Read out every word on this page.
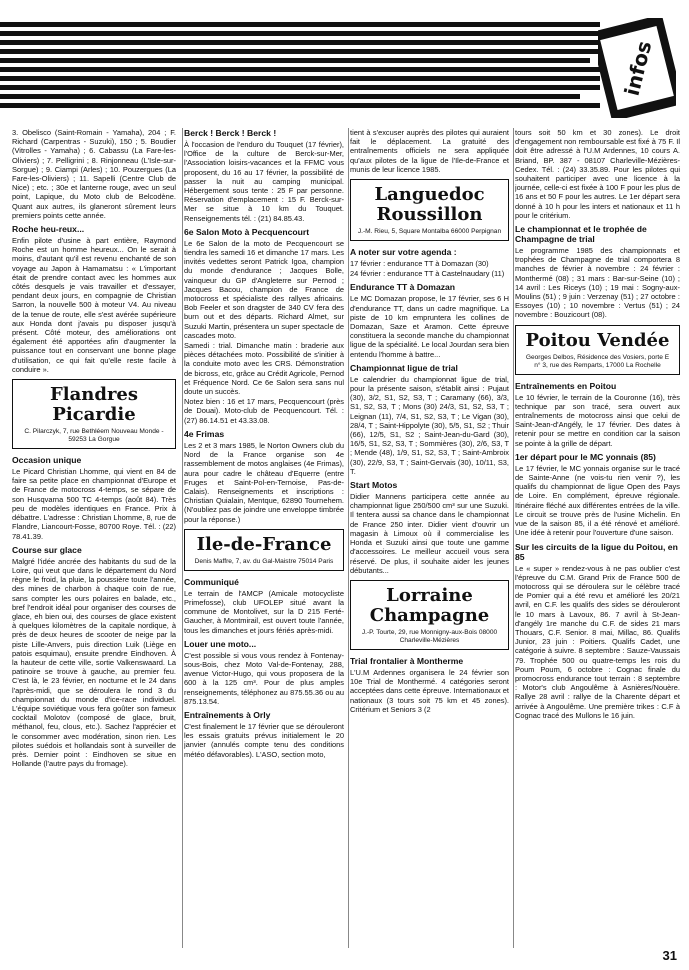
infos

3. Obelisco (Saint-Romain - Yamaha), 204 ; F. Richard (Carpentras - Suzuki), 150 ; 5. Boudier (Vitrolles - Yamaha) ; 6. Cabassu (La Fare-les-Oliviers) ; 7. Pelligrini ; 8. Rinjonneau (L'Isle-sur-Sorgue) ; 9. Ciampi (Arles) ; 10. Pouzergues (La Fare-les-Oliviers) ; 11. Sapelli (Centre Club de Nice) ; etc. ; 30e et lanterne rouge, avec un seul point, Lapique, du Moto club de Belcodène. Quant aux autres, ils glaneront sûrement leurs premiers points cette année.

Roche heu-reux...

Enfin pilote d'usine à part entière, Raymond Roche est un homme heureux... On le serait à moins, d'autant qu'il est revenu enchanté de son voyage au Japon à Hamamatsu : « L'important était de prendre contact avec les hommes aux côtés desquels je vais travailler et d'essayer, pendant deux jours, en compagnie de Christian Sarron, la nouvelle 500 à moteur V4. Au niveau de la tenue de route, elle s'est avérée supérieure aux Honda dont j'avais pu disposer jusqu'à présent. Côté moteur, des améliorations ont également été apportées afin d'augmenter la puissance tout en conservant une bonne plage d'utilisation, ce qui fait qu'elle reste facile à conduire ».

Flandres Picardie
C. Pilarczyk, 7, rue Bethléem Nouveau Monde - 59253 La Gorgue

Occasion unique

Le Picard Christian Lhomme, qui vient en 84 de faire sa petite place en championnat d'Europe et de France de motocross 4-temps, se sépare de son Husqvarna 500 TC 4-temps (août 84). Très peu de modèles identiques en France. Prix à débattre. L'adresse : Christian Lhomme, 8, rue de Flandre, Liancourt-Fosse, 80700 Roye. Tél. : (22) 78.41.39.

Course sur glace

Malgré l'idée ancrée des habitants du sud de la Loire, qui veut que dans le département du Nord règne le froid, la pluie, la poussière toute l'année, des mines de charbon à chaque coin de rue, sans compter les ours polaires en balade, etc., bref l'endroit idéal pour organiser des courses de glace, eh bien oui, des courses de glace existent à quelques kilomètres de la capitale nordique, à près de deux heures de scooter de neige par la piste Lille-Anvers, puis direction Luik (Liège en patois esquimau), ensuite prendre Eindhoven. À la hauteur de cette ville, sortie Valkenswaard. La patinoire se trouve à gauche, au premier feu. C'est là, le 23 février, en nocturne et le 24 dans l'après-midi, que se déroulera le rond 3 du championnat du monde d'ice-race individuel. L'équipe soviétique vous fera goûter son fameux cocktail Molotov (composé de glace, bruit, méthanol, feu, clous, etc.). Sachez l'apprécier et le consommer avec modération, sinon rien. Les pilotes suédois et hollandais sont à surveiller de près. Dernier point : Eindhoven se situe en Hollande (l'autre pays du fromage).

Berck ! Berck ! Berck !

À l'occasion de l'enduro du Touquet (17 février), l'Office de la culture de Berck-sur-Mer, l'Association loisirs-vacances et la FFMC vous proposent, du 16 au 17 février, la possibilité de passer la nuit au camping municipal. Hébergement sous tente : 25 F par personne. Réservation d'emplacement : 15 F. Berck-sur-Mer se situe à 10 km du Touquet. Renseignements tél. : (21) 84.85.43.

6e Salon Moto à Pecquencourt

Le 6e Salon de la moto de Pecquencourt se tiendra les samedi 16 et dimanche 17 mars. Les invités vedettes seront Patrick Igoa, champion du monde d'endurance ; Jacques Bolle, vainqueur du GP d'Angleterre sur Pernod ; Jacques Bacou, champion de France de motocross et spécialiste des rallyes africains. Bob Feeler et son dragster de 340 CV fera des burn out et des départs. Richard Almet, sur Suzuki Martin, présentera un super spectacle de cascades moto.

Samedi : trial. Dimanche matin : braderie aux pièces détachées moto. Possibilité de s'initier à la conduite moto avec les CRS. Démonstration de bicross, etc, grâce au Crédit Agricole, Pernod et Fréquence Nord. Ce 6e Salon sera sans nul doute un succès.

Notez bien : 16 et 17 mars, Pecquencourt (près de Douai). Moto-club de Pecquencourt. Tél. : (27) 86.14.51 et 43.33.08.

4e Frimas

Les 2 et 3 mars 1985, le Norton Owners club du Nord de la France organise son 4e rassemblement de motos anglaises (4e Frimas), aura pour cadre le château d'Equerre (entre Fruges et Saint-Pol-en-Ternoise, Pas-de-Calais). Renseignements et inscriptions : Christian Quialain, Mentque, 62890 Tournehem. (N'oubliez pas de joindre une enveloppe timbrée pour la réponse.)

Ile-de-France
Denis Maffre, 7, av. du Gal-Maistre 75014 Paris

Communiqué

Le terrain de l'AMCP (Amicale motocycliste Primefosse), club UFOLEP situé avant la commune de Montolivet, sur la D 215 Ferté-Gaucher, à Montmirail, est ouvert toute l'année, tous les dimanches et jours fériés après-midi.

Louer une moto...

C'est possible si vous vous rendez à Fontenay-sous-Bois, chez Moto Val-de-Fontenay, 288, avenue Victor-Hugo, qui vous proposera de la 600 à la 125 cm³. Pour de plus amples renseignements, téléphonez au 875.55.36 ou au 875.13.54.

Entraînements à Orly

C'est finalement le 17 février que se dérouleront les essais gratuits prévus initialement le 20 janvier (annulés compte tenu des conditions météo défavorables). L'ASO, section moto,

tient à s'excuser auprès des pilotes qui auraient fait le déplacement. La gratuité des entraînements officiels ne sera appliquée qu'aux pilotes de la ligue de l'Ile-de-France et munis de leur licence 1985.

Languedoc Roussillon
J.-M. Rieu, 5, Square Montalba 66000 Perpignan

A noter sur votre agenda :

17 février : endurance TT à Domazan (30)

24 février : endurance TT à Castelnaudary (11)

Endurance TT à Domazan

Le MC Domazan propose, le 17 février, ses 6 H d'endurance TT, dans un cadre magnifique. La piste de 10 km empruntera les collines de Domazan, Saze et Aramon. Cette épreuve constituera la seconde manche du championnat ligue de la spécialité. Le local Jourdan sera bien entendu l'homme à battre...

Championnat ligue de trial

Le calendrier du championnat ligue de trial, pour la présente saison, s'établit ainsi : Pujaut (30), 3/2, S1, S2, S3, T ; Caramany (66), 3/3, S1, S2, S3, T ; Mons (30) 24/3, S1, S2, S3, T ; Leignan (11), 7/4, S1, S2, S3, T ; Le Vigan (30), 28/4, T ; Saint-Hippolyte (30), 5/5, S1, S2 ; Thuir (66), 12/5, S1, S2 ; Saint-Jean-du-Gard (30), 16/5, S1, S2, S3, T ; Sommières (30), 2/6, S3, T ; Mende (48), 1/9, S1, S2, S3, T ; Saint-Ambroix (30), 22/9, S3, T ; Saint-Gervais (30), 10/11, S3, T.

Start Motos

Didier Mannens participera cette année au championnat ligue 250/500 cm³ sur une Suzuki. Il tentera aussi sa chance dans le championnat de France 250 inter. Didier vient d'ouvrir un magasin à Limoux où il commercialise les Honda et Suzuki ainsi que toute une gamme d'accessoires. Le meilleur accueil vous sera réservé. De plus, il souhaite aider les jeunes débutants...

Lorraine Champagne
J.-P. Tourte, 29, rue Monnigny-aux-Bois 08000 Charleville-Mézières

Trial frontalier à Montherme

L'U.M Ardennes organisera le 24 février son 10e Trial de Monthermé. 4 catégories seront acceptées dans cette épreuve. Internationaux et nationaux (3 tours soit 75 km et 45 zones). Critérium et Seniors 3 (2

tours soit 50 km et 30 zones). Le droit d'engagement non remboursable est fixé à 75 F. Il doit être adressé à l'U.M Ardennes, 10 cours A. Briand, BP. 387 - 08107 Charleville-Mézières-Cedex. Tél. : (24) 33.35.89. Pour les pilotes qui souhaitent participer avec une licence à la journée, celle-ci est fixée à 100 F pour les plus de 16 ans et 50 F pour les autres. Le 1er départ sera donné à 10 h pour les inters et nationaux et 11 h pour le critérium.

Le championnat et le trophée de Champagne de trial

Le programme 1985 des championnats et trophées de Champagne de trial comportera 8 manches de février à novembre : 24 février : Monthermé (08) ; 31 mars : Bar-sur-Seine (10) ; 14 avril : Les Riceys (10) ; 19 mai : Sogny-aux-Moulins (51) ; 9 juin : Verzenay (51) ; 27 octobre : Essoyes (10) ; 10 novembre : Vertus (51) ; 24 novembre : Bouzicourt (08).

Poitou Vendée
Georges Delbos, Résidence des Vosiers, porte E n° 3, rue des Remparts, 17000 La Rochelle

Entraînements en Poitou

Le 10 février, le terrain de la Couronne (16), très technique par son tracé, sera ouvert aux entraînements de motocross ainsi que celui de Saint-Jean-d'Angély, le 17 février. Des dates à retenir pour se mettre en condition car la saison se pointe à la grille de départ.

1er départ pour le MC yonnais (85)

Le 17 février, le MC yonnais organise sur le tracé de Sainte-Anne (ne vois-tu rien venir ?), les qualifs du championnat de ligue Open des Pays de Loire. En complément, épreuve régionale. Itinéraire fléché aux différentes entrées de la ville. Le circuit se trouve près de l'usine Michelin. En vue de la saison 85, il a été rénové et amélioré. Une idée à retenir pour l'ouverture d'une saison.

Sur les circuits de la ligue du Poitou, en 85

Le « super » rendez-vous à ne pas oublier c'est l'épreuve du C.M. Grand Prix de France 500 de motocross qui se déroulera sur le célèbre tracé de Pomier qui a été revu et amélioré les 20/21 avril, en C.F. les qualifs des sides se dérouleront le 10 mars à Lavoux, 86. 7 avril à St-Jean-d'angély 1re manche du C.F. de sides 21 mars Thouars, C.F. Senior. 8 mai, Millac, 86. Qualifs Junior, 23 juin : Poitiers. Qualifs Cadet, une catégorie à suivre. 8 septembre : Sauze-Vaussais 79. Trophée 500 ou quatre-temps les rois du Poum Poum, 6 octobre : Cognac finale du promocross endurance tout terrain : 8 septembre : Motor's club Angoulême à Asnières/Nouère. Rallye 28 avril : rallye de la Charente départ et arrivée à Angoulême. Une première trikes : C.F à Cognac tracé des Mullons le 16 juin.

31
